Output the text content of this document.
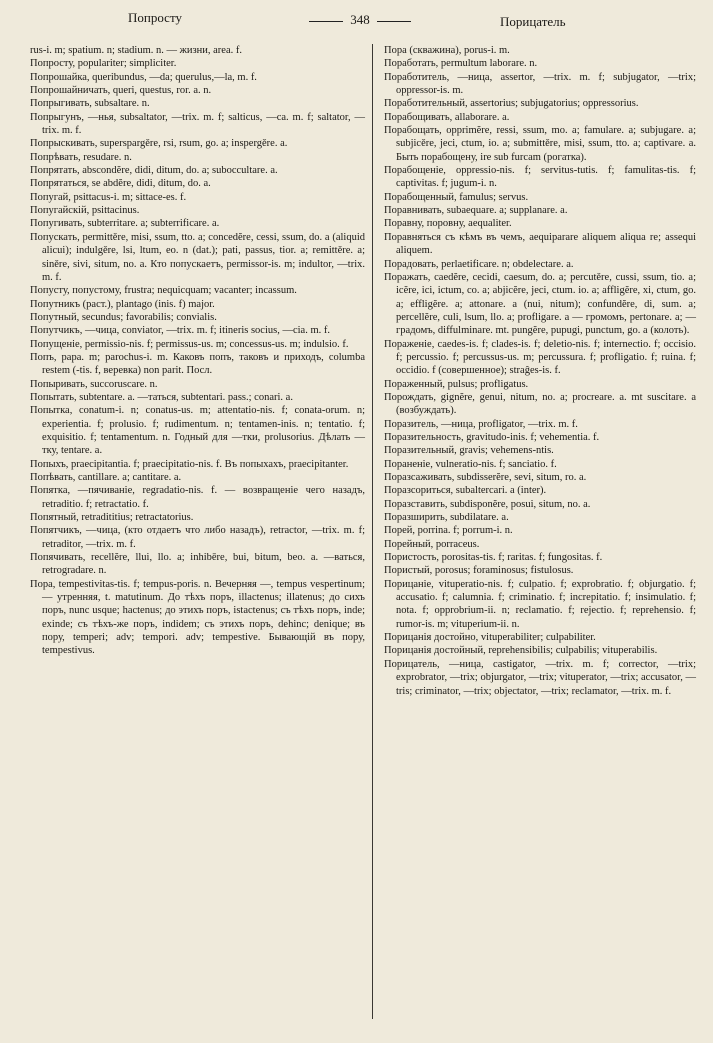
Попросту	348	Порицатель

rus-i. m; spatium. n; stadium. n. — жизни, area. f.

Попросту, populariter; simpliciter.

Попрошайка, queribundus, —da; querulus,—la, m. f.

Попрошайничать, queri, questus, ror. a. n.

Попрыгивать, subsaltare. n.

Попрыгунъ, —нья, subsaltator, —trix. m. f; salticus, —ca. m. f; saltator, —trix. m. f.

Попрыскивать, superspargěre, rsi, rsum, go. a; inspergěre. a.

Попрѣвать, resudare. n.

Попрятать, abscondĕre, didi, ditum, do. a; suboccultare. a.

Попрятаться, se abdĕre, didi, ditum, do. a.

Попугай, psittacus-i. m; sittace-es. f.

Попугайскій, psittacinus.

Попугивать, subterritare. a; subterrificare. a.

Попускать, permittěre, misi, ssum, tto. a; concedĕre, cessi, ssum, do. a (aliquid alicui); indulgěre, lsi, ltum, eo. n (dat.); pati, passus, tior. a; remittěre. a; siněre, sivi, situm, no. a. Кто попускаетъ, permissor-is. m; indultor, —trix. m. f.

Попусту, попустому, frustra; nequicquam; vacanter; incassum.

Попутникъ (раст.), plantago (inis. f) major.

Попутный, secundus; favorabilis; convialis.

Попутчикъ, —чица, conviator, —trix. m. f; itineris socius, —cia. m. f.

Попущеніе, permissio-nis. f; permissus-us. m; concessus-us. m; indulsio. f.

Попъ, papa. m; parochus-i. m. Каковъ попъ, таковъ и приходъ, columba restem (-tis. f, веревка) non parit. Посл.

Попыривать, succoruscare. n.

Попытать, subtentare. a. —таться, subtentari. pass.; conari. a.

Попытка, conatum-i. n; conatus-us. m; attentatio-nis. f; conata-orum. n; experientia. f; prolusio. f; rudimentum. n; tentamen-inis. n; tentatio. f; exquisitio. f; tentamentum. n. Годный для —тки, prolusorius. Дѣлать —тку, tentare. a.

Попыхъ, praecipitantia. f; praecipitatio-nis. f. Въ попыхахъ, praecipitanter.

Попѣвать, cantillare. a; cantitare. a.

Попятка, —пячиваніе, regradatio-nis. f. — возвращеніе чего назадъ, retraditio. f; retractatio. f.

Попятный, retradititius; retractatorius.

Попятчикъ, —чица, (кто отдаетъ что либо назадъ), retractor, —trix. m. f; retraditor, —trix. m. f.

Попячивать, recellĕre, llui, llo. a; inhibēre, bui, bitum, beo. a. —ваться, retrogradare. n.

Пора, tempestivitas-tis. f; tempus-poris. n. Вечерняя —, tempus vespertinum; — утренняя, t. matutinum. До тѣхъ поръ, illactenus; illatenus; до сихъ поръ, nunc usque; hactenus; до этихъ поръ, istactenus; съ тѣхъ поръ, inde; exinde; съ тѣхъ-же поръ, indidem; съ этихъ поръ, dehinc; denique; въ пору, temperi; adv; tempori. adv; tempestive. Бывающій въ пору, tempestivus.

Пора (скважина), porus-i. m.

Поработать, permultum laborare. n.

Поработитель, —ница, assertor, —trix. m. f; subjugator, —trix; oppressor-is. m.

Поработительный, assertorius; subjugatorius; oppressorius.

Порабощивать, allaborare. a.

Порабощать, opprimĕre, ressi, ssum, mo. a; famulare. a; subjugare. a; subjicěre, jeci, ctum, io. a; submittěre, misi, ssum, tto. a; captivare. a. Быть порабощену, ire sub furcam (рогатка).

Порабощеніе, oppressio-nis. f; servitus-tutis. f; famulitas-tis. f; captivitas. f; jugum-i. n.

Порабощенный, famulus; servus.

Поравнивать, subaequare. a; supplanare. a.

Поравну, поровну, aequaliter.

Поравняться съ кѣмъ въ чемъ, aequiparare aliquem aliqua re; assequi aliquem.

Порадовать, perlaetificare. n; obdelectare. a.

Поражать, caedĕre, cecidi, caesum, do. a; percutěre, cussi, ssum, tio. a; icĕre, ici, ictum, co. a; abjicĕre, jeci, ctum. io. a; affligĕre, xi, ctum, go. a; effligĕre. a; attonare. a (nui, nitum); confundĕre, di, sum. a; percellĕre, culi, lsum, llo. a; profligare. a — громомъ, pertonare. a; — градомъ, diffulminare. mt. pungĕre, pupugi, punctum, go. a (колоть).

Пораженіе, caedes-is. f; clades-is. f; deletio-nis. f; internectio. f; occisio. f; percussio. f; percussus-us. m; percussura. f; profligatio. f; ruina. f; occidio. f (совершенное); straĝes-is. f.

Пораженный, pulsus; profligatus.

Порождать, gignĕre, genui, nitum, no. a; procreare. a. mt suscitare. a (возбуждать).

Поразитель, —ница, profligator, —trix. m. f.

Поразительность, gravitudo-inis. f; vehementia. f.

Поразительный, gravis; vehemens-ntis.

Пораненіе, vulneratio-nis. f; sanciatio. f.

Поразсаживать, subdisserĕre, sevi, situm, ro. a.

Поразсориться, subaltercari. a (inter).

Поразставить, subdisponĕre, posui, situm, no. a.

Поразширить, subdilatare. a.

Порей, porrina. f; porrum-i. n.

Порейный, porraceus.

Пористость, porositas-tis. f; raritas. f; fungositas. f.

Пористый, porosus; foraminosus; fistulosus.

Порицаніе, vituperatio-nis. f; culpatio. f; exprobratio. f; objurgatio. f; accusatio. f; calumnia. f; criminatio. f; increpitatio. f; insimulatio. f; nota. f; opprobrium-ii. n; reclamatio. f; rejectio. f; reprehensio. f; rumor-is. m; vituperium-ii. n.

Порицанія достойно, vituperabiliter; culpabiliter.

Порицанія достойный, reprehensibilis; culpabilis; vituperabilis.

Порицатель, —ница, castigator, —trix. m. f; corrector, —trix; exprobrator, —trix; objurgator, —trix; vituperator, —trix; accusator, —tris; criminator, —trix; objectator, —trix; reclamator, —trix. m. f.
